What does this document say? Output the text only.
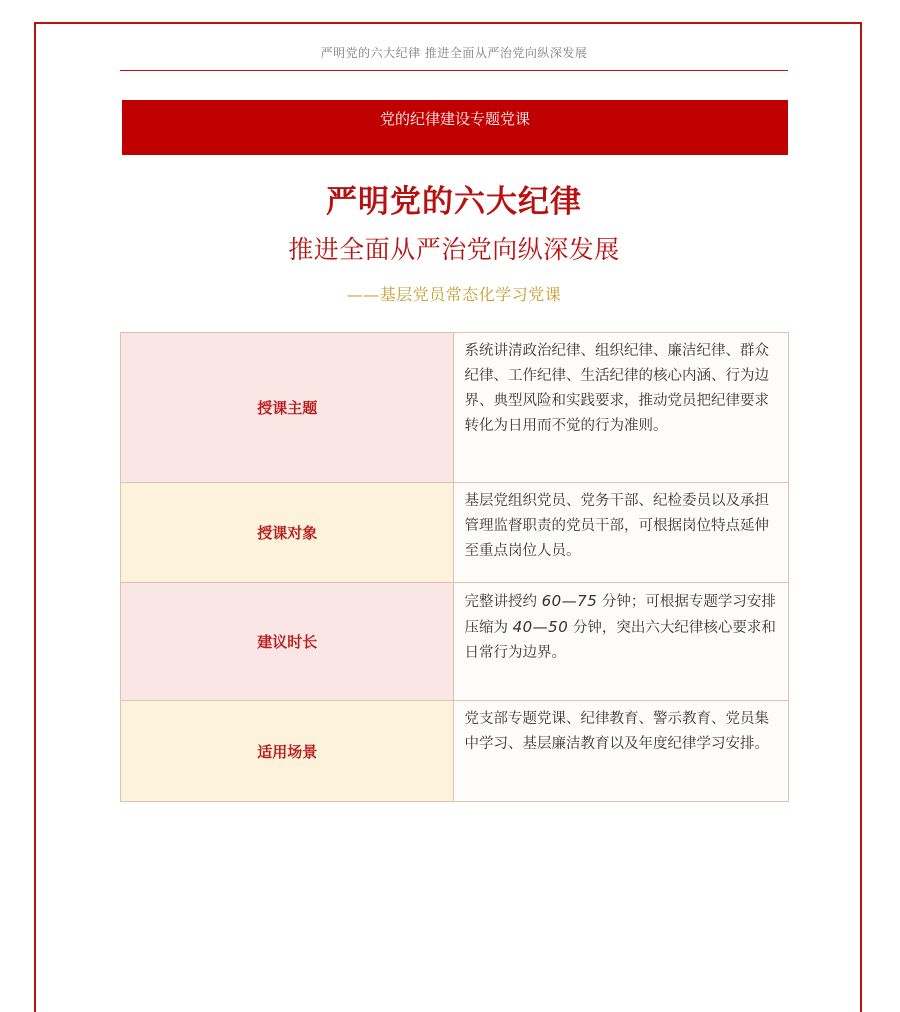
严明党的六大纪律 推进全面从严治党向纵深发展
党的纪律建设专题党课
严明党的六大纪律
推进全面从严治党向纵深发展
——基层党员常态化学习党课
授课主题	系统讲清政治纪律、组织纪律、廉洁纪律、群众纪律、工作纪律、生活纪律的核心内涵、行为边界、典型风险和实践要求，推动党员把纪律要求转化为日用而不觉的行为准则。
授课对象	基层党组织党员、党务干部、纪检委员以及承担管理监督职责的党员干部，可根据岗位特点延伸至重点岗位人员。
建议时长	完整讲授约 60—75 分钟；可根据专题学习安排压缩为 40—50 分钟，突出六大纪律核心要求和日常行为边界。
适用场景	党支部专题党课、纪律教育、警示教育、党员集中学习、基层廉洁教育以及年度纪律学习安排。
